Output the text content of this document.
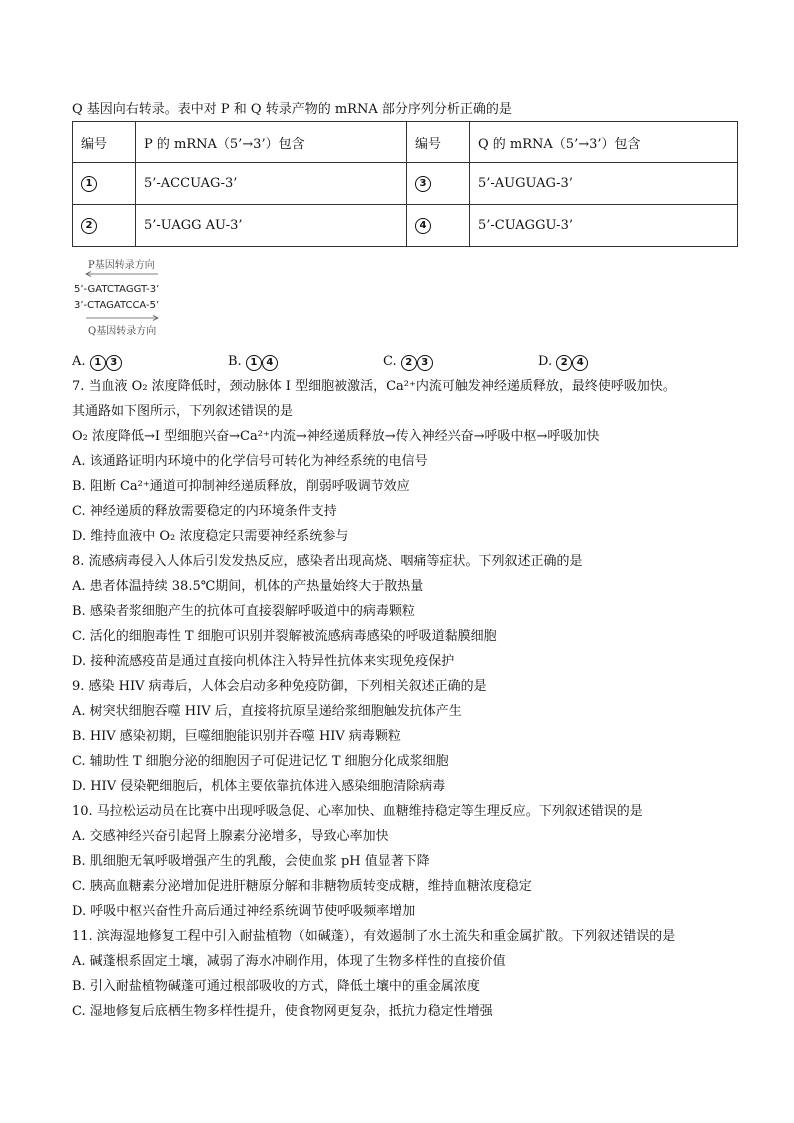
Q 基因向右转录。表中对 P 和 Q 转录产物的 mRNA 部分序列分析正确的是
编号	P 的 mRNA（5’→3’）包含	编号	Q 的 mRNA（5’→3’）包含
1	5’-ACCUAG-3’	3	5’-AUGUAG-3’
2	5’-UAGG AU-3’	4	5’-CUAGGU-3’
P基因转录方向
5’-GATCTAGGT-3’
3’-CTAGATCCA-5’
Q基因转录方向
A. 1 3	B. 1 4	C. 2 3	D. 2 4
7. 当血液 O₂ 浓度降低时，颈动脉体 I 型细胞被激活，Ca²⁺内流可触发神经递质释放，最终使呼吸加快。
其通路如下图所示，下列叙述错误的是
O₂ 浓度降低→I 型细胞兴奋→Ca²⁺内流→神经递质释放→传入神经兴奋→呼吸中枢→呼吸加快
A. 该通路证明内环境中的化学信号可转化为神经系统的电信号
B. 阻断 Ca²⁺通道可抑制神经递质释放，削弱呼吸调节效应
C. 神经递质的释放需要稳定的内环境条件支持
D. 维持血液中 O₂ 浓度稳定只需要神经系统参与
8. 流感病毒侵入人体后引发发热反应，感染者出现高烧、咽痛等症状。下列叙述正确的是
A. 患者体温持续 38.5℃期间，机体的产热量始终大于散热量
B. 感染者浆细胞产生的抗体可直接裂解呼吸道中的病毒颗粒
C. 活化的细胞毒性 T 细胞可识别并裂解被流感病毒感染的呼吸道黏膜细胞
D. 接种流感疫苗是通过直接向机体注入特异性抗体来实现免疫保护
9. 感染 HIV 病毒后，人体会启动多种免疫防御，下列相关叙述正确的是
A. 树突状细胞吞噬 HIV 后，直接将抗原呈递给浆细胞触发抗体产生
B. HIV 感染初期，巨噬细胞能识别并吞噬 HIV 病毒颗粒
C. 辅助性 T 细胞分泌的细胞因子可促进记忆 T 细胞分化成浆细胞
D. HIV 侵染靶细胞后，机体主要依靠抗体进入感染细胞清除病毒
10. 马拉松运动员在比赛中出现呼吸急促、心率加快、血糖维持稳定等生理反应。下列叙述错误的是
A. 交感神经兴奋引起肾上腺素分泌增多，导致心率加快
B. 肌细胞无氧呼吸增强产生的乳酸，会使血浆 pH 值显著下降
C. 胰高血糖素分泌增加促进肝糖原分解和非糖物质转变成糖，维持血糖浓度稳定
D. 呼吸中枢兴奋性升高后通过神经系统调节使呼吸频率增加
11. 滨海湿地修复工程中引入耐盐植物（如碱蓬），有效遏制了水土流失和重金属扩散。下列叙述错误的是
A. 碱蓬根系固定土壤，减弱了海水冲刷作用，体现了生物多样性的直接价值
B. 引入耐盐植物碱蓬可通过根部吸收的方式，降低土壤中的重金属浓度
C. 湿地修复后底栖生物多样性提升，使食物网更复杂，抵抗力稳定性增强
